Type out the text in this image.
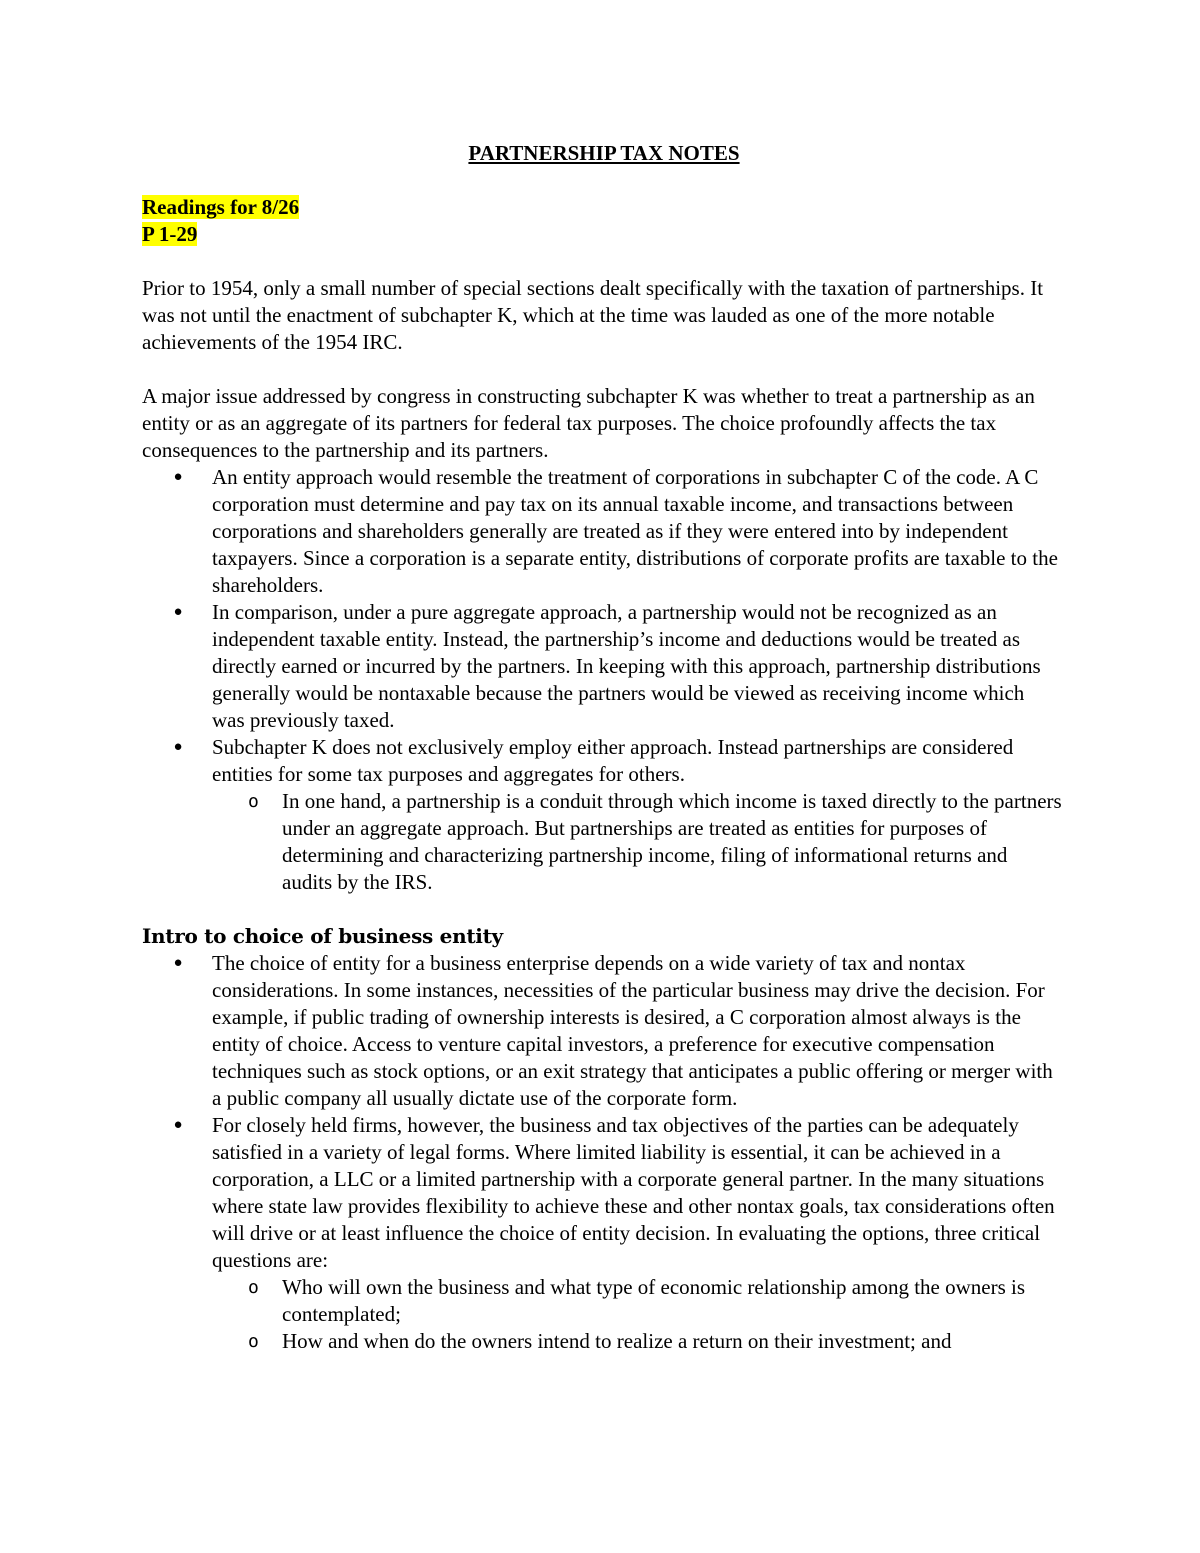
PARTNERSHIP TAX NOTES

Readings for 8/26

P 1-29

Prior to 1954, only a small number of special sections dealt specifically with the taxation of partnerships. It was not until the enactment of subchapter K, which at the time was lauded as one of the more notable achievements of the 1954 IRC.

A major issue addressed by congress in constructing subchapter K was whether to treat a partnership as an entity or as an aggregate of its partners for federal tax purposes. The choice profoundly affects the tax consequences to the partnership and its partners.

● An entity approach would resemble the treatment of corporations in subchapter C of the code. A C corporation must determine and pay tax on its annual taxable income, and transactions between corporations and shareholders generally are treated as if they were entered into by independent taxpayers. Since a corporation is a separate entity, distributions of corporate profits are taxable to the shareholders.
● In comparison, under a pure aggregate approach, a partnership would not be recognized as an independent taxable entity. Instead, the partnership’s income and deductions would be treated as directly earned or incurred by the partners. In keeping with this approach, partnership distributions generally would be nontaxable because the partners would be viewed as receiving income which was previously taxed.
● Subchapter K does not exclusively employ either approach. Instead partnerships are considered entities for some tax purposes and aggregates for others.
o In one hand, a partnership is a conduit through which income is taxed directly to the partners under an aggregate approach. But partnerships are treated as entities for purposes of determining and characterizing partnership income, filing of informational returns and audits by the IRS.

Intro to choice of business entity

● The choice of entity for a business enterprise depends on a wide variety of tax and nontax considerations. In some instances, necessities of the particular business may drive the decision. For example, if public trading of ownership interests is desired, a C corporation almost always is the entity of choice. Access to venture capital investors, a preference for executive compensation techniques such as stock options, or an exit strategy that anticipates a public offering or merger with a public company all usually dictate use of the corporate form.
● For closely held firms, however, the business and tax objectives of the parties can be adequately satisfied in a variety of legal forms. Where limited liability is essential, it can be achieved in a corporation, a LLC or a limited partnership with a corporate general partner. In the many situations where state law provides flexibility to achieve these and other nontax goals, tax considerations often will drive or at least influence the choice of entity decision. In evaluating the options, three critical questions are:
o Who will own the business and what type of economic relationship among the owners is contemplated;
o How and when do the owners intend to realize a return on their investment; and
